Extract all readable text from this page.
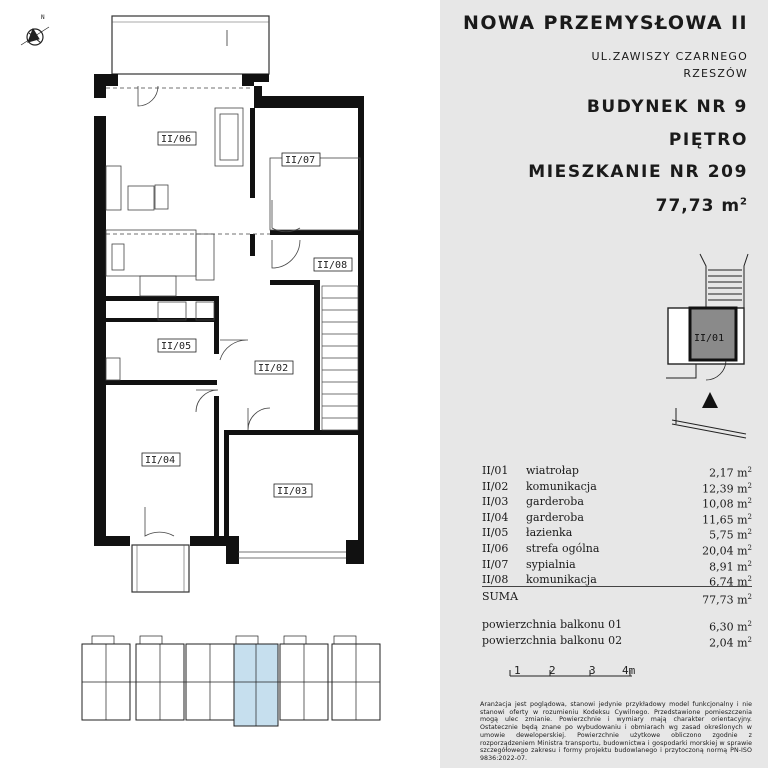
N
II/06
II/07
II/08
II/05
II/02
II/04
II/03
NOWA PRZEMYSŁOWA II
UL.ZAWISZY CZARNEGO
RZESZÓW
BUDYNEK NR 9
PIĘTRO
MIESZKANIE NR 209
77,73 $m^2$
II/01
II/01 wiatrołap	2,17 $m^2$
II/02 komunikacja	12,39 $m^2$
II/03 garderoba	10,08 $m^2$
II/04 garderoba	11,65 $m^2$
II/05 łazienka	5,75 $m^2$
II/06 strefa ogólna	20,04 $m^2$
II/07 sypialnia	8,91 $m^2$
II/08 komunikacja	6,74 $m^2$
SUMA	77,73 $m^2$
powierzchnia balkonu 01	6,30 $m^2$
powierzchnia balkonu 02	2,04 $m^2$
1	2	3 4m
Aranżacja jest poglądowa, stanowi jedynie przykładowy model funkcjonalny i nie stanowi oferty w rozumieniu Kodeksu Cywilnego. Przedstawione pomieszczenia mogą ulec zmianie. Powierzchnie i wymiary mają charakter orientacyjny. Ostatecznie będą znane po wybudowaniu i obmiarach wg zasad określonych w umowie deweloperskiej. Powierzchnie użytkowe obliczono zgodnie z rozporządzeniem Ministra transportu, budownictwa i gospodarki morskiej w sprawie szczegółowego zakresu i formy projektu budowlanego i przytoczoną normą PN-ISO 9836:2022-07.
